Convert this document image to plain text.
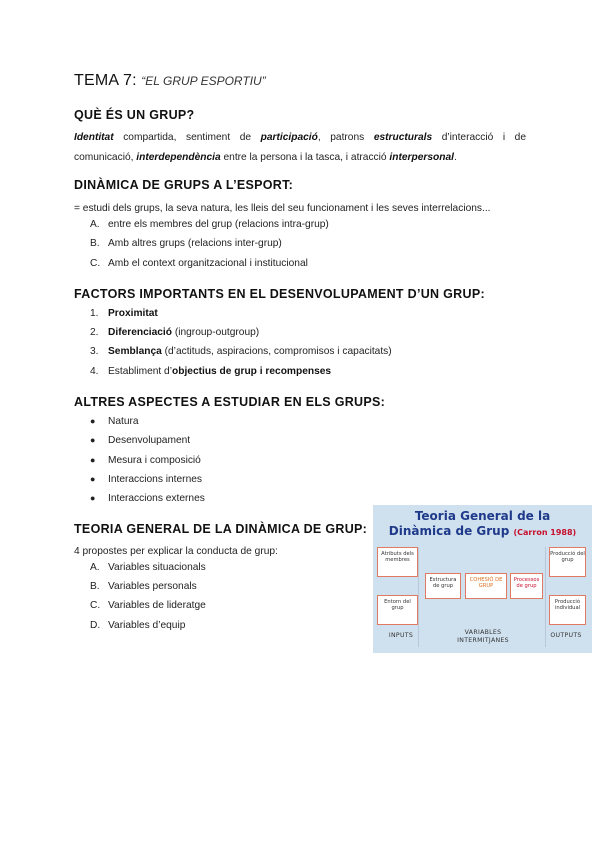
TEMA 7: “EL GRUP ESPORTIU”
QUÈ ÉS UN GRUP?
Identitat compartida, sentiment de participació, patrons estructurals d’interacció i de
comunicació, interdependència entre la persona i la tasca, i atracció interpersonal.
DINÀMICA DE GRUPS A L’ESPORT:
= estudi dels grups, la seva natura, les lleis del seu funcionament i les seves interrelacions...
A. entre els membres del grup (relacions intra-grup)
B. Amb altres grups (relacions inter-grup)
C. Amb el context organitzacional i institucional
FACTORS IMPORTANTS EN EL DESENVOLUPAMENT D’UN GRUP:
1. Proximitat
2. Diferenciació (ingroup-outgroup)
3. Semblança (d’actituds, aspiracions, compromisos i capacitats)
4. Establiment d’objectius de grup i recompenses
ALTRES ASPECTES A ESTUDIAR EN ELS GRUPS:
● Natura
● Desenvolupament
● Mesura i composició
● Interaccions internes
● Interaccions externes
TEORIA GENERAL DE LA DINÀMICA DE GRUP:
4 propostes per explicar la conducta de grup:
A. Variables situacionals
B. Variables personals
C. Variables de lideratge
D. Variables d’equip
Teoria General de la
Dinàmica de Grup (Carron 1988)
Atributs dels membres
Entorn del grup
Estructura de grup
COHESIÓ DE GRUP
Processos de grup
Producció del grup
Producció individual
INPUTS	VARIABLES INTERMITJANES
OUTPUTS
